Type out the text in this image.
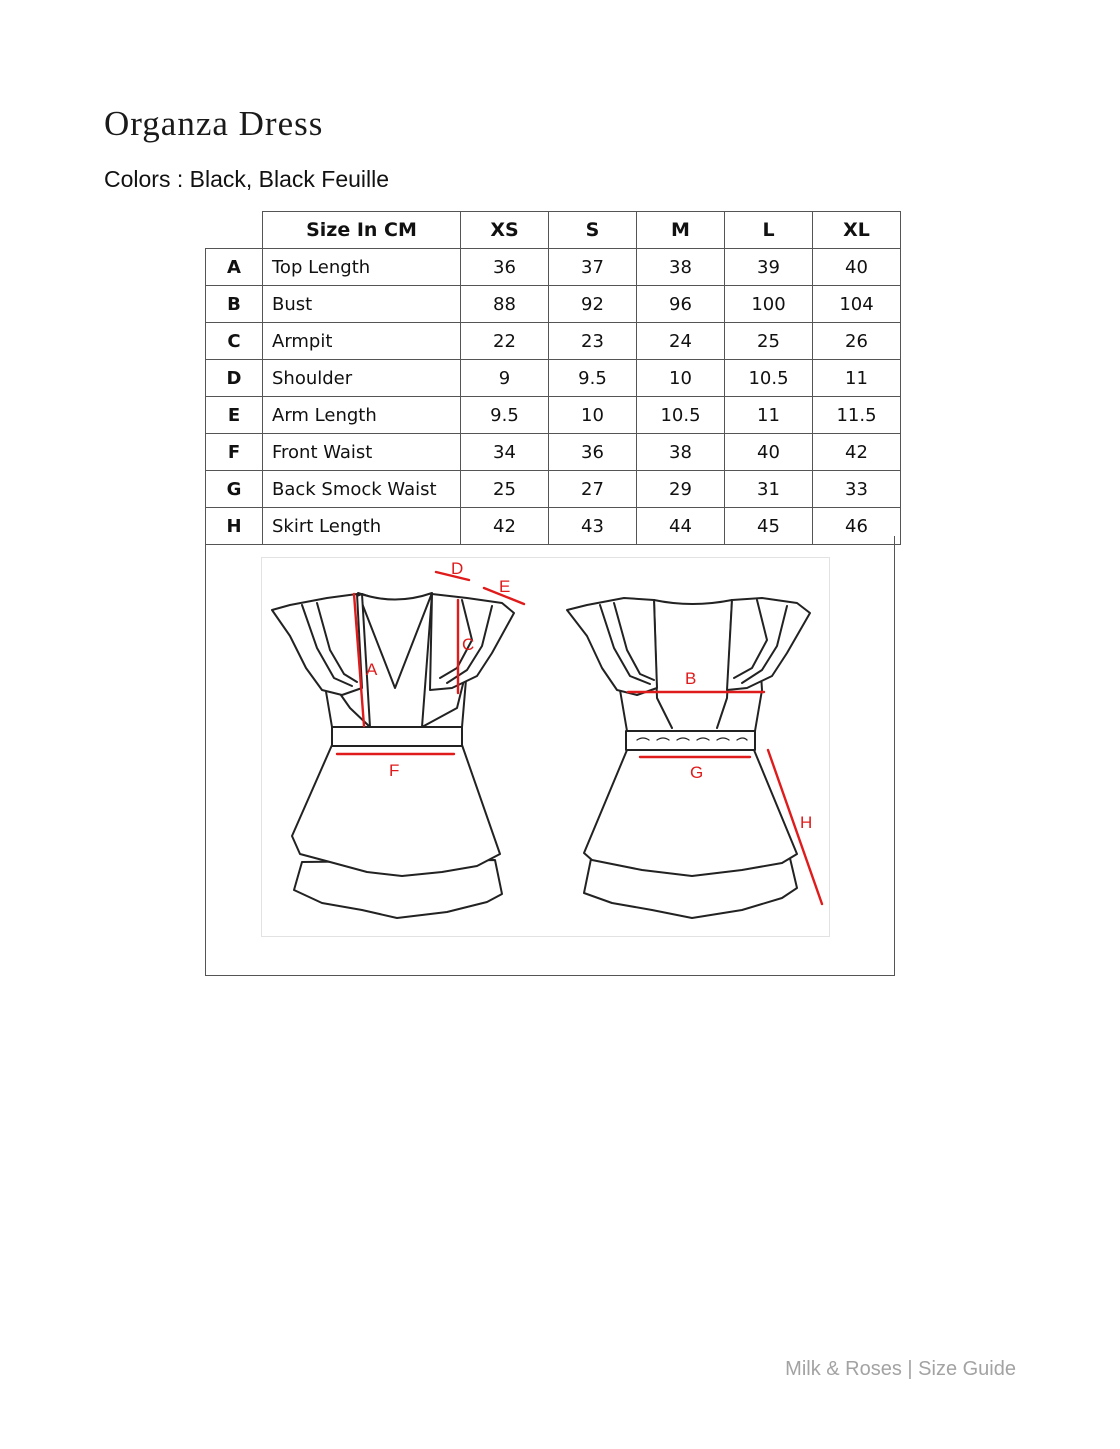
Organza Dress

Colors : Black, Black Feuille

	Size In CM	XS	S	M	L	XL
A	Top Length	36	37	38	39	40
B	Bust	88	92	96	100	104
C	Armpit	22	23	24	25	26
D	Shoulder	9	9.5	10	10.5	11
E	Arm Length	9.5	10	10.5	11	11.5
F	Front Waist	34	36	38	40	42
G	Back Smock Waist	25	27	29	31	33
H	Skirt Length	42	43	44	45	46
A
C
D
E
F
B
G
H

Milk & Roses | Size Guide
